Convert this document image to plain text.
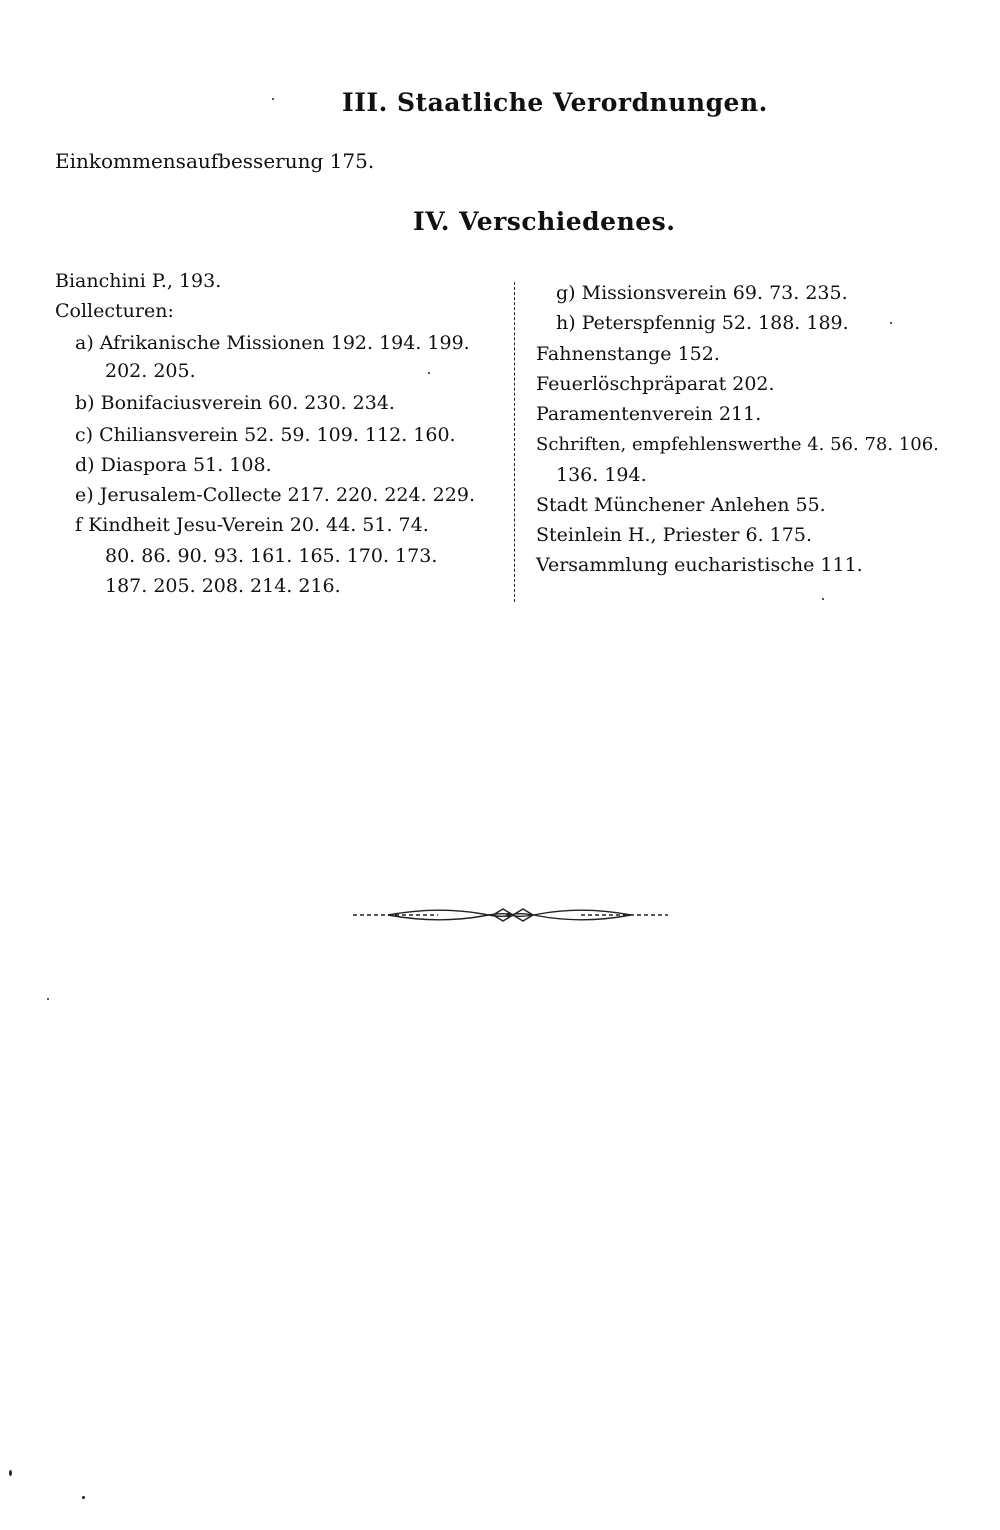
III. Staatliche Verordnungen.
Einkommensaufbesserung 175.
IV. Verschiedenes.
Bianchini P., 193.
Collecturen:
a) Afrikanische Missionen 192. 194. 199.
202. 205.
b) Bonifaciusverein 60. 230. 234.
c) Chiliansverein 52. 59. 109. 112. 160.
d) Diaspora 51. 108.
e) Jerusalem-Collecte 217. 220. 224. 229.
f Kindheit Jesu-Verein 20. 44. 51. 74.
80. 86. 90. 93. 161. 165. 170. 173.
187. 205. 208. 214. 216.
g) Missionsverein 69. 73. 235.
h) Peterspfennig 52. 188. 189.
Fahnenstange 152.
Feuerlöschpräparat 202.
Paramentenverein 211.
Schriften, empfehlenswerthe 4. 56. 78. 106.
136. 194.
Stadt Münchener Anlehen 55.
Steinlein H., Priester 6. 175.
Versammlung eucharistische 111.
